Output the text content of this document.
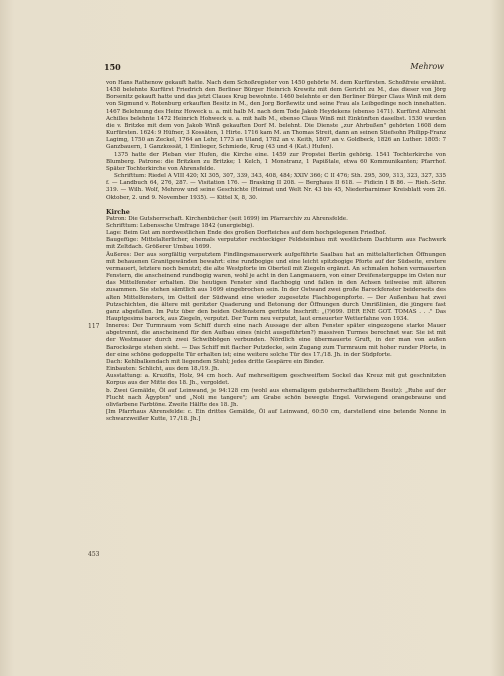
150	Mehrow
117
453

von Hans Rathenow gekauft hatte. Nach dem Schoßregister von 1450 gehörte M. dem Kurfürsten. Schoßfreie erwähnt. 1458 belehnte Kurfürst Friedrich den Berliner Bürger Heinrich Krewitz mit dem Gericht zu M., das dieser von Jörg Borsenitz gekauft hatte und das jetzt Claues Krug bewohnte. 1460 belehnte er den Berliner Bürger Claus Winß mit dem von Sigmund v. Rotenburg erkauften Besitz in M., den Jorg Borßewitz und seine Frau als Leibgedinge noch innehatten. 1467 Belehnung des Heinz Howeck u. a. mit halb M. nach dem Tode Jakob Heydekens (ebenso 1471). Kurfürst Albrecht Achilles belehnte 1472 Heinrich Hohweck u. a. mit halb M., ebenso Claus Winß mit Einkünften daselbst. 1530 wurden die v. Britzke mit dem von Jakob Winß gekauften Dorf M. belehnt. Die Dienste „zur Ahrbußen" gehörten 1608 dem Kurfürsten. 1624: 9 Hüfner, 3 Kossäten, 1 Hirte. 1716 kam M. an Thomas Streit, dann an seinen Stiefsohn Philipp-Franz Lagimg, 1750 an Zeckel, 1764 an Lehr, 1773 an Uland, 1782 an v. Keith, 1807 an v. Goldbeck, 1826 an Luther. 1805: 7 Ganzbauern, 1 Ganzkossät, 1 Einlieger, Schmiede, Krug (43 und 4 (Kat.) Hufen).

1375 hatte der Pleban vier Hufen, die Kirche eine. 1459 zur Propstei Berlin gehörig. 1541 Tochterkirche von Blumberg. Patrone: die Britzken zu Britzke; 1 Kelch, 1 Monstranz, 1 Papißtale, etwa 60 Kommunikanten; Pfarrhof. Später Tochterkirche von Ahrensfelde.

Schrifttum: Riedel A VIII 420; XI 305, 307, 339, 343, 408, 484; XXIV 366; C II 476; Sth. 295, 309, 313, 323, 327, 335 f. — Landbuch 64, 276, 287. — Visitation 176. — Brasking II 208. — Berghaus II 618. — Fidicin I B 86. — Rieh.-Schr. 319. — Wilh. Wolf, Mehrow und seine Geschichte (Heimat und Welt Nr. 43 bis 45, Niederbarnimer Kreisblatt vom 26. Oktober, 2. und 9. November 1935). — Kittel X, 8, 30.

Kirche

Patron: Die Gutsherrschaft. Kirchenbücher (seit 1699) im Pfarrarchiv zu Ahrensfelde.

Schrifttum: Lebenssche Umfrage 1842 (unergiebig).

Lage: Beim Gut am nordwestlichen Ende des großen Dorfteiches auf dem hochgelegenen Friedhof.

Baugefüge: Mittelalterlicher, ehemals verputzter rechteckiger Feldsteinbau mit westlichem Dachturm aus Fachwerk mit Zeltdach. Größerer Umbau 1699.

Äußeres: Der aus sorgfältig verputztem Findlingsmauerwerk aufgeführte Saalbau hat an mittelalterlichen Öffnungen mit behauenen Granitgewänden bewahrt: eine rundbogige und eine leicht spitzbogige Pforte auf der Südseite, erstere vermauert, letztere noch benutzt; die alte Westpforte im Oberteil mit Ziegeln ergänzt. An schmalen hohen vermauerten Fenstern, die anscheinend rundbogig waren, wohl je acht in den Langmauern, von einer Dreifensterguppe im Osten nur das Mittelfenster erhalten. Die heutigen Fenster sind flachbogig und fallen in den Achsen teilweise mit älteren zusammen. Sie stehen sämtlich aus 1699 eingebrochen sein. In der Ostwand zwei große Barockfenster beiderseits des alten Mittelfensters, im Ostteil der Südwand eine wieder zugesetzte Flachbogenpforte. — Der Außenbau hat zwei Putzschichten, die ältere mit geritzter Quaderung und Betonung der Öffnungen durch Umrißlinien, die jüngere fast ganz abgefallen. Im Putz über den beiden Ostfenstern geritzte Inschrift: „(?)699. DER ENE GOT. TOMAS . . ." Das Hauptgesims barock, aus Ziegeln, verputzt. Der Turm neu verputzt, laut erneuerter Wetterfahne von 1934.

Inneres: Der Turmraum vom Schiff durch eine nach Aussage der alten Fenster später eingezogene starke Mauer abgetrennt, die anscheinend für den Aufbau eines (nicht ausgeführten?) massiven Turmes berechnet war. Sie ist mit der Westmauer durch zwei Schwibbögen verbunden. Nördlich eine übermauerte Gruft, in der man von außen Barocksärge stehen sieht. — Das Schiff mit flacher Putzdecke, sein Zugang zum Turmraum mit hoher runder Pforte, in der eine schöne gedoppelte Tür erhalten ist; eine weitere solche Tür des 17./18. Jh. in der Südpforte.

Dach: Kehlbalkendach mit liegendem Stuhl; jedes dritte Gespärre ein Binder.

Einbauten: Schlicht, aus dem 18./19. Jh.

Ausstattung: a. Kruzifix, Holz, 94 cm hoch. Auf mehrseitigem geschweiftem Sockel das Kreuz mit gut geschnitzten Korpus aus der Mitte des 18. Jh., vergoldet.

b. Zwei Gemälde, Öl auf Leinwand, je 94:128 cm (wohl aus ehemaligem gutsherrschaftlichem Besitz): „Ruhe auf der Flucht nach Ägypten" und „Noli me tangere"; am Grabe schön bewegte Engel. Vorwiegend orangebraune und olivfarbene Farbtöne. Zweite Hälfte des 18. Jh.

[Im Pfarrhaus Ahrensfelde: c. Ein drittes Gemälde, Öl auf Leinwand, 60:50 cm, darstellend eine betende Nonne in schwarzweißer Kutte, 17./18. Jh.]
